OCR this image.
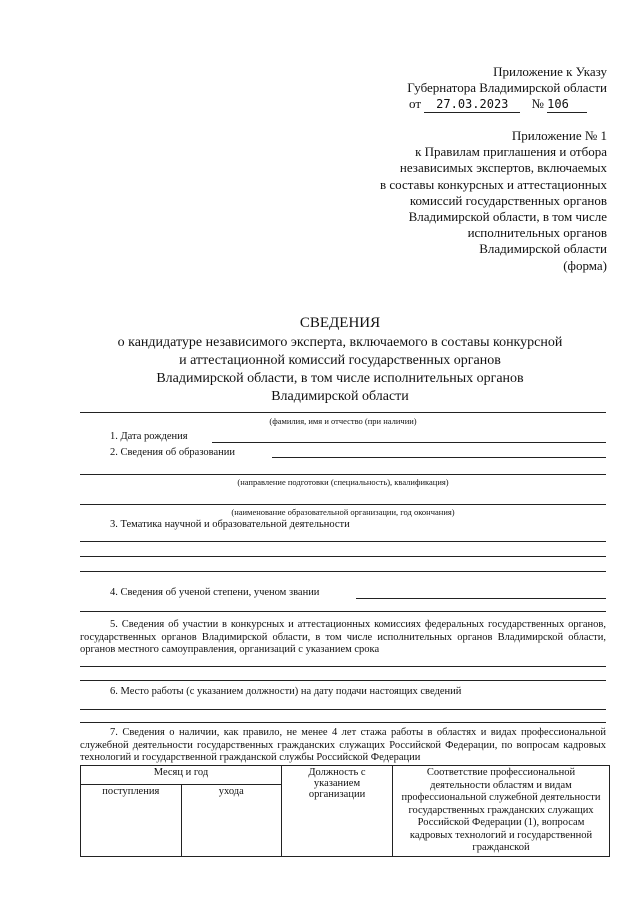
Приложение к Указу
Губернатора Владимирской области
от 27.03.2023 № 106
Приложение № 1
к Правилам приглашения и отбора
независимых экспертов, включаемых
в составы конкурсных и аттестационных
комиссий государственных органов
Владимирской области, в том числе
исполнительных органов
Владимирской области
(форма)
СВЕДЕНИЯ
о кандидатуре независимого эксперта, включаемого в составы конкурсной
и аттестационной комиссий государственных органов
Владимирской области, в том числе исполнительных органов
Владимирской области
(фамилия, имя и отчество (при наличии)
1. Дата рождения
2. Сведения об образовании
(направление подготовки (специальность), квалификация)
(наименование образовательной организации, год окончания)
3. Тематика научной и образовательной деятельности
4. Сведения об ученой степени, ученом звании
5. Сведения об участии в конкурсных и аттестационных комиссиях федеральных государственных органов, государственных органов Владимирской области, в том числе исполнительных органов Владимирской области, органов местного самоуправления, организаций с указанием срока
6. Место работы (с указанием должности) на дату подачи настоящих сведений
7. Сведения о наличии, как правило, не менее 4 лет стажа работы в областях и видах профессиональной служебной деятельности государственных гражданских служащих Российской Федерации, по вопросам кадровых технологий и государственной гражданской службы Российской Федерации
Месяц и год		Должность с указанием организации	Соответствие профессиональной деятельности областям и видам профессиональной служебной деятельности государственных гражданских служащих Российской Федерации (1), вопросам кадровых технологий и государственной гражданской
поступления	ухода		
